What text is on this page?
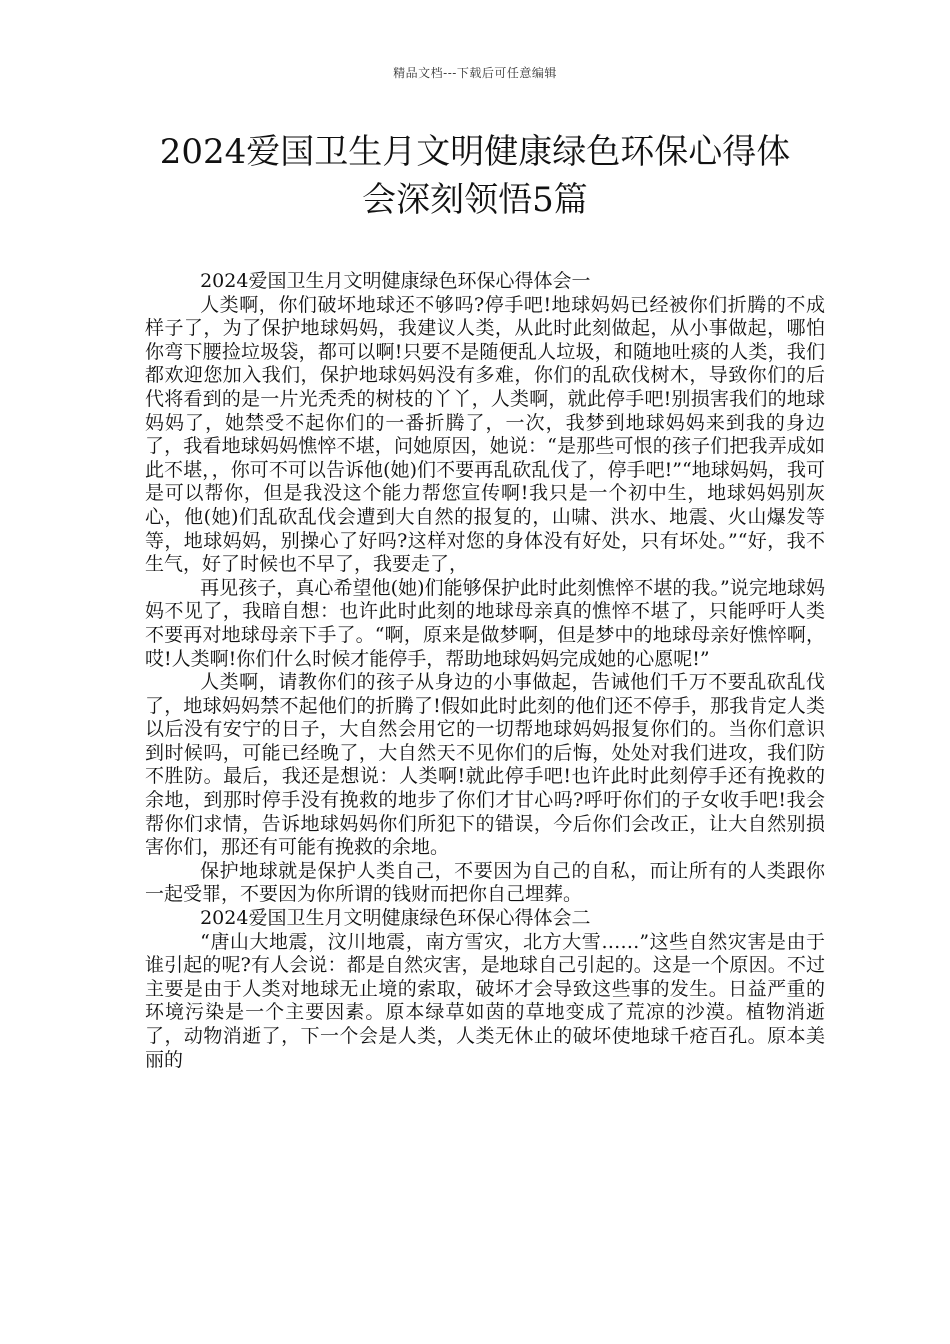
精品文档---下载后可任意编辑
2024爱国卫生月文明健康绿色环保心得体
会深刻领悟5篇

2024爱国卫生月文明健康绿色环保心得体会一

人类啊，你们破坏地球还不够吗?停手吧!地球妈妈已经被你们折腾的不成样子了，为了保护地球妈妈，我建议人类，从此时此刻做起，从小事做起，哪怕你弯下腰捡垃圾袋，都可以啊!只要不是随便乱人垃圾，和随地吐痰的人类，我们都欢迎您加入我们，保护地球妈妈没有多难，你们的乱砍伐树木，导致你们的后代将看到的是一片光秃秃的树枝的丫丫，人类啊，就此停手吧!别损害我们的地球妈妈了，她禁受不起你们的一番折腾了，一次，我梦到地球妈妈来到我的身边了，我看地球妈妈憔悴不堪，问她原因，她说：“是那些可恨的孩子们把我弄成如此不堪，，你可不可以告诉他(她)们不要再乱砍乱伐了，停手吧!”“地球妈妈，我可是可以帮你，但是我没这个能力帮您宣传啊!我只是一个初中生，地球妈妈别灰心，他(她)们乱砍乱伐会遭到大自然的报复的，山啸、洪水、地震、火山爆发等等，地球妈妈，别操心了好吗?这样对您的身体没有好处，只有坏处。”“好，我不生气，好了时候也不早了，我要走了，

再见孩子，真心希望他(她)们能够保护此时此刻憔悴不堪的我。”说完地球妈妈不见了，我暗自想：也许此时此刻的地球母亲真的憔悴不堪了，只能呼吁人类不要再对地球母亲下手了。“啊，原来是做梦啊，但是梦中的地球母亲好憔悴啊，哎!人类啊!你们什么时候才能停手，帮助地球妈妈完成她的心愿呢!”

人类啊，请教你们的孩子从身边的小事做起，告诫他们千万不要乱砍乱伐了，地球妈妈禁不起他们的折腾了!假如此时此刻的他们还不停手，那我肯定人类以后没有安宁的日子，大自然会用它的一切帮地球妈妈报复你们的。当你们意识到时候吗，可能已经晚了，大自然天不见你们的后悔，处处对我们进攻，我们防不胜防。最后，我还是想说：人类啊!就此停手吧!也许此时此刻停手还有挽救的余地，到那时停手没有挽救的地步了你们才甘心吗?呼吁你们的子女收手吧!我会帮你们求情，告诉地球妈妈你们所犯下的错误，今后你们会改正，让大自然别损害你们，那还有可能有挽救的余地。

保护地球就是保护人类自己，不要因为自己的自私，而让所有的人类跟你一起受罪，不要因为你所谓的钱财而把你自己埋葬。

2024爱国卫生月文明健康绿色环保心得体会二

“唐山大地震，汶川地震，南方雪灾，北方大雪……”这些自然灾害是由于谁引起的呢?有人会说：都是自然灾害，是地球自己引起的。这是一个原因。不过主要是由于人类对地球无止境的索取，破坏才会导致这些事的发生。日益严重的环境污染是一个主要因素。原本绿草如茵的草地变成了荒凉的沙漠。植物消逝了，动物消逝了，下一个会是人类，人类无休止的破坏使地球千疮百孔。原本美丽的
